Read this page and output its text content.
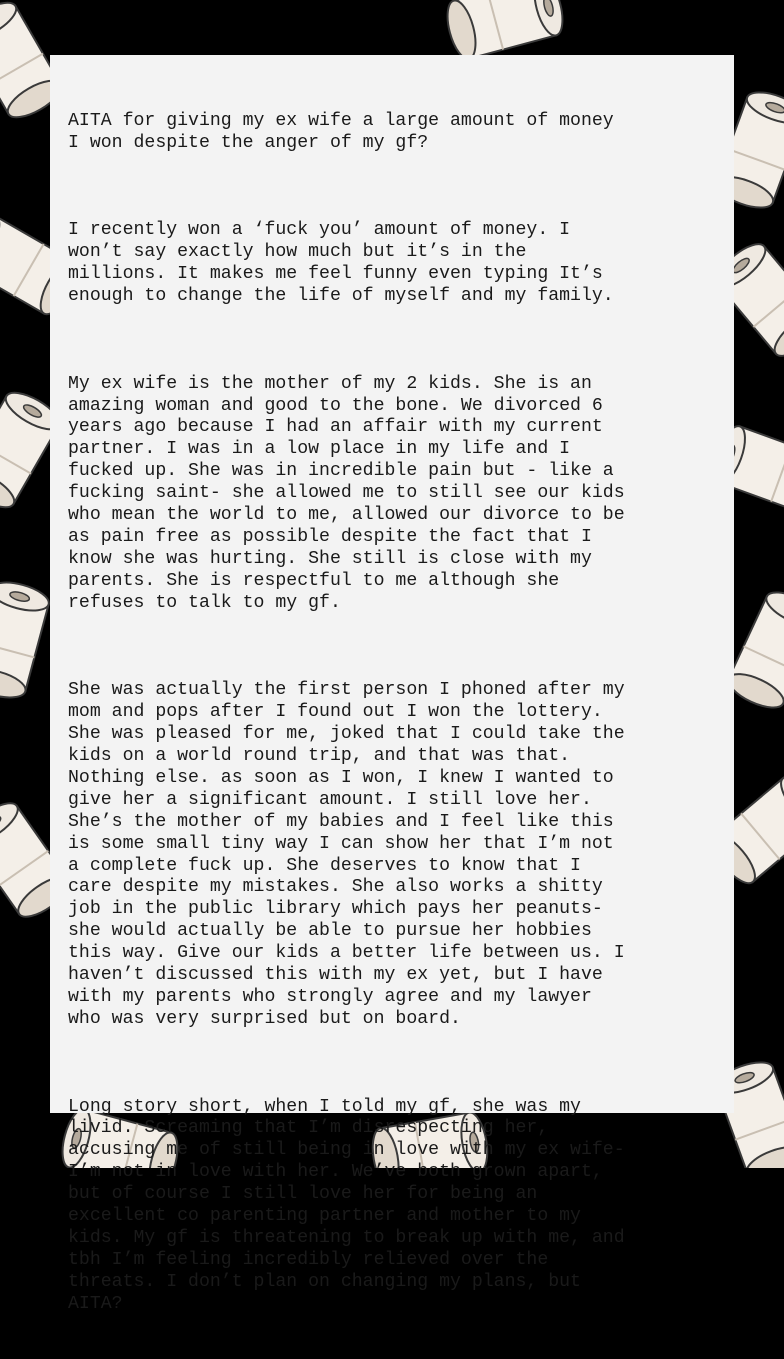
AITA for giving my ex wife a large amount of money
I won despite the anger of my gf?

I recently won a ‘fuck you’ amount of money. I
won’t say exactly how much but it’s in the
millions. It makes me feel funny even typing It’s
enough to change the life of myself and my family.

My ex wife is the mother of my 2 kids. She is an
amazing woman and good to the bone. We divorced 6
years ago because I had an affair with my current
partner. I was in a low place in my life and I
fucked up. She was in incredible pain but - like a
fucking saint- she allowed me to still see our kids
who mean the world to me, allowed our divorce to be
as pain free as possible despite the fact that I
know she was hurting. She still is close with my
parents. She is respectful to me although she
refuses to talk to my gf.

She was actually the first person I phoned after my
mom and pops after I found out I won the lottery.
She was pleased for me, joked that I could take the
kids on a world round trip, and that was that.
Nothing else. as soon as I won, I knew I wanted to
give her a significant amount. I still love her.
She’s the mother of my babies and I feel like this
is some small tiny way I can show her that I’m not
a complete fuck up. She deserves to know that I
care despite my mistakes. She also works a shitty
job in the public library which pays her peanuts-
she would actually be able to pursue her hobbies
this way. Give our kids a better life between us. I
haven’t discussed this with my ex yet, but I have
with my parents who strongly agree and my lawyer
who was very surprised but on board.

Long story short, when I told my gf, she was my
livid. Screaming that I’m disrespecting her,
accusing me of still being in love with my ex wife-
I’m not in love with her. We’ve both grown apart,
but of course I still love her for being an
excellent co parenting partner and mother to my
kids. My gf is threatening to break up with me, and
tbh I’m feeling incredibly relieved over the
threats. I don’t plan on changing my plans, but
AITA?
